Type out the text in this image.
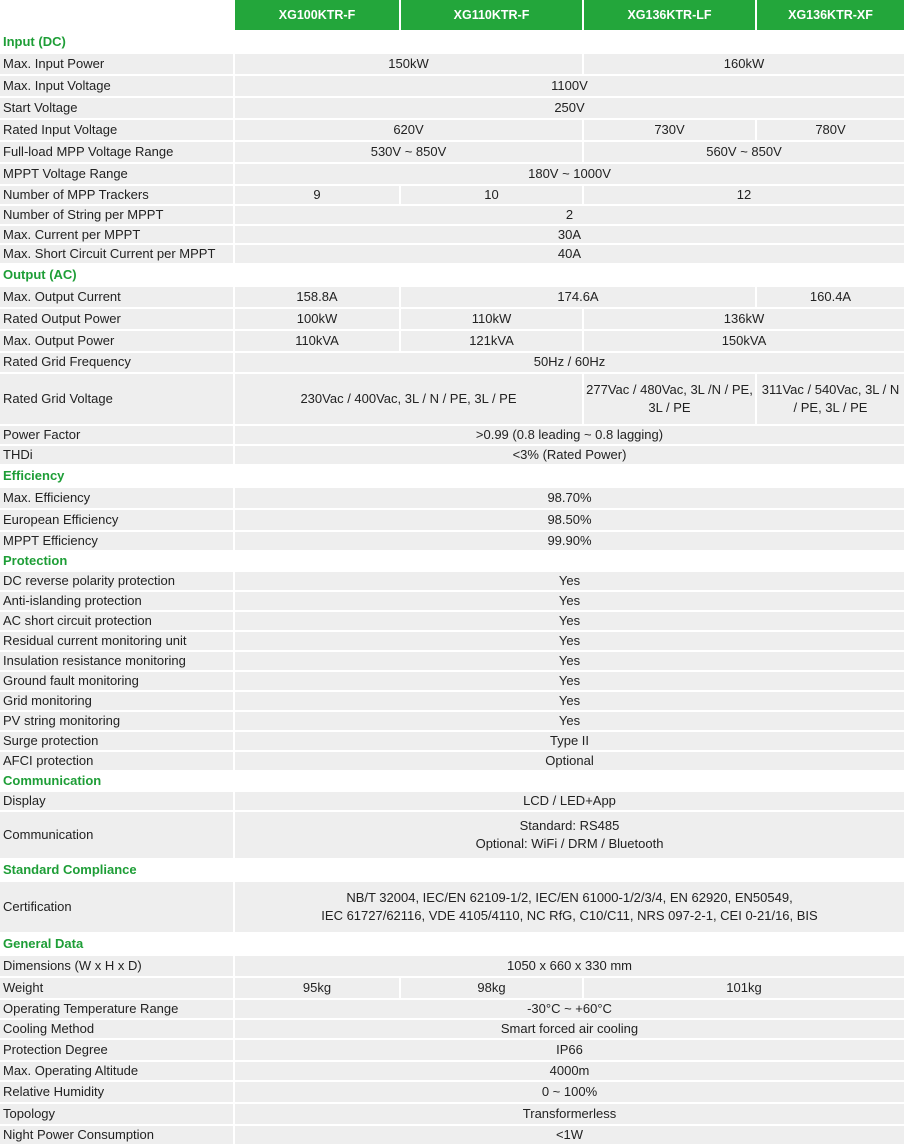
	XG100KTR-F	XG110KTR-F	XG136KTR-LF	XG136KTR-XF
Input (DC)				
Max. Input Power	150kW		160kW	
Max. Input Voltage	1100V			
Start Voltage	250V			
Rated Input Voltage	620V		730V	780V
Full-load MPP Voltage Range	530V ~ 850V		560V ~ 850V	
MPPT Voltage Range	180V ~ 1000V			
Number of MPP Trackers	9	10	12	
Number of String per MPPT	2			
Max. Current per MPPT	30A			
Max. Short Circuit Current per MPPT	40A			
Output (AC)				
Max. Output Current	158.8A	174.6A		160.4A
Rated Output Power	100kW	110kW	136kW	
Max. Output Power	110kVA	121kVA	150kVA	
Rated Grid Frequency	50Hz / 60Hz			
Rated Grid Voltage	230Vac / 400Vac, 3L / N / PE, 3L / PE		277Vac / 480Vac, 3L /N / PE, 3L / PE	311Vac / 540Vac, 3L / N / PE, 3L / PE
Power Factor	>0.99 (0.8 leading ~ 0.8 lagging)			
THDi	<3% (Rated Power)			
Efficiency				
Max. Efficiency	98.70%			
European Efficiency	98.50%			
MPPT Efficiency	99.90%			
Protection				
DC reverse polarity protection	Yes			
Anti-islanding protection	Yes			
AC short circuit protection	Yes			
Residual current monitoring unit	Yes			
Insulation resistance monitoring	Yes			
Ground fault monitoring	Yes			
Grid monitoring	Yes			
PV string monitoring	Yes			
Surge protection	Type II			
AFCI protection	Optional			
Communication				
Display	LCD / LED+App			
Communication	Standard: RS485
Optional: WiFi / DRM / Bluetooth			

Standard Compliance				
Certification	NB/T 32004, IEC/EN 62109-1/2, IEC/EN 61000-1/2/3/4, EN 62920, EN50549,
IEC 61727/62116, VDE 4105/4110, NC RfG, C10/C11, NRS 097-2-1, CEI 0-21/16, BIS			

General Data				
Dimensions (W x H x D)	1050 x 660 x 330 mm			
Weight	95kg	98kg	101kg	
Operating Temperature Range	-30°C ~ +60°C			
Cooling Method	Smart forced air cooling			
Protection Degree	IP66			
Max. Operating Altitude	4000m			
Relative Humidity	0 ~ 100%			
Topology	Transformerless			
Night Power Consumption	<1W			
